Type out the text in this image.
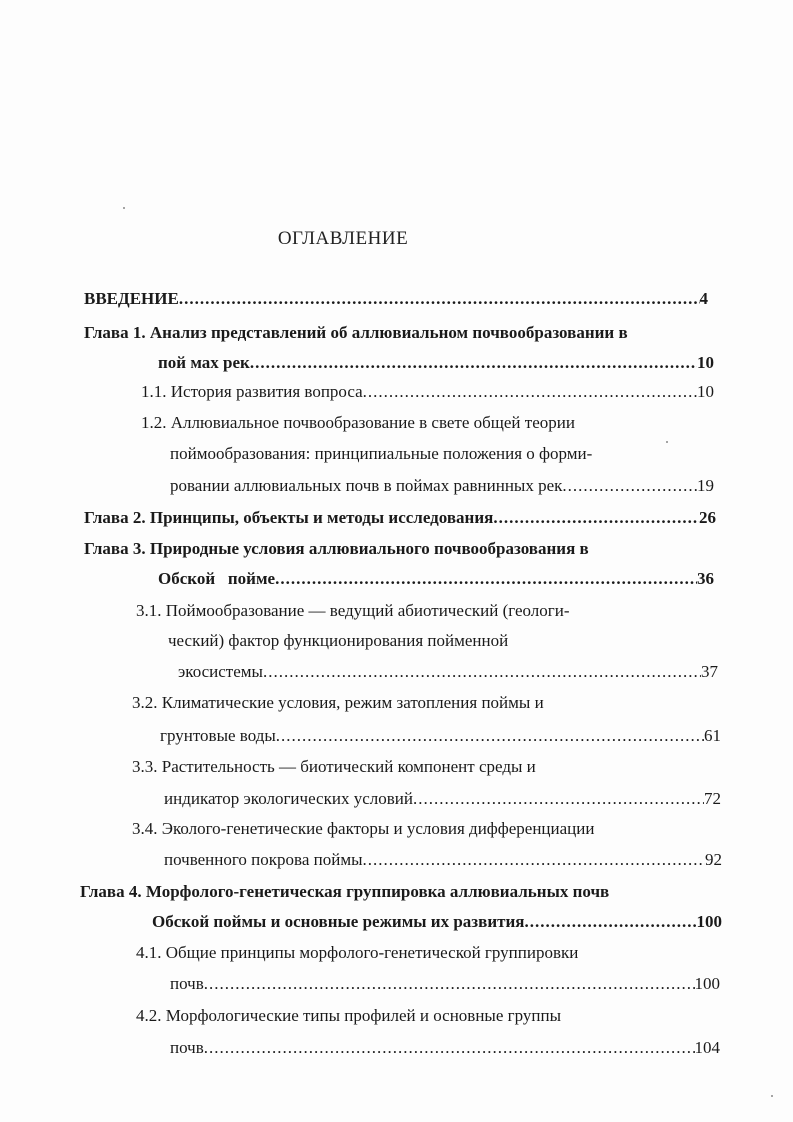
ОГЛАВЛЕНИЕ
ВВЕДЕНИЕ .....	4
Глава 1. Анализ представлений об аллювиальном почвообразовании в
пой мах рек .....	10
1.1. История развития вопроса .....	10
1.2. Аллювиальное почвообразование в свете общей теории
поймообразования: принципиальные положения о форми-
ровании аллювиальных почв в поймах равнинных рек .....	19
Глава 2. Принципы, объекты и методы исследования .....	26
Глава 3. Природные условия аллювиального почвообразования в
Обской   пойме .....	36
3.1. Поймообразование — ведущий абиотический (геологи-
ческий) фактор функционирования пойменной
экосистемы .....	37
3.2. Климатические условия, режим затопления поймы и
грунтовые воды .....	61
3.3. Растительность — биотический компонент среды и
индикатор экологических условий .....	72
3.4. Эколого-генетические факторы и условия дифференциации
почвенного покрова поймы .....	92
Глава 4. Морфолого-генетическая группировка аллювиальных почв
Обской поймы и основные режимы их развития .....	100
4.1. Общие принципы морфолого-генетической группировки
почв .....	100
4.2. Морфологические типы профилей и основные группы
почв .....	104
